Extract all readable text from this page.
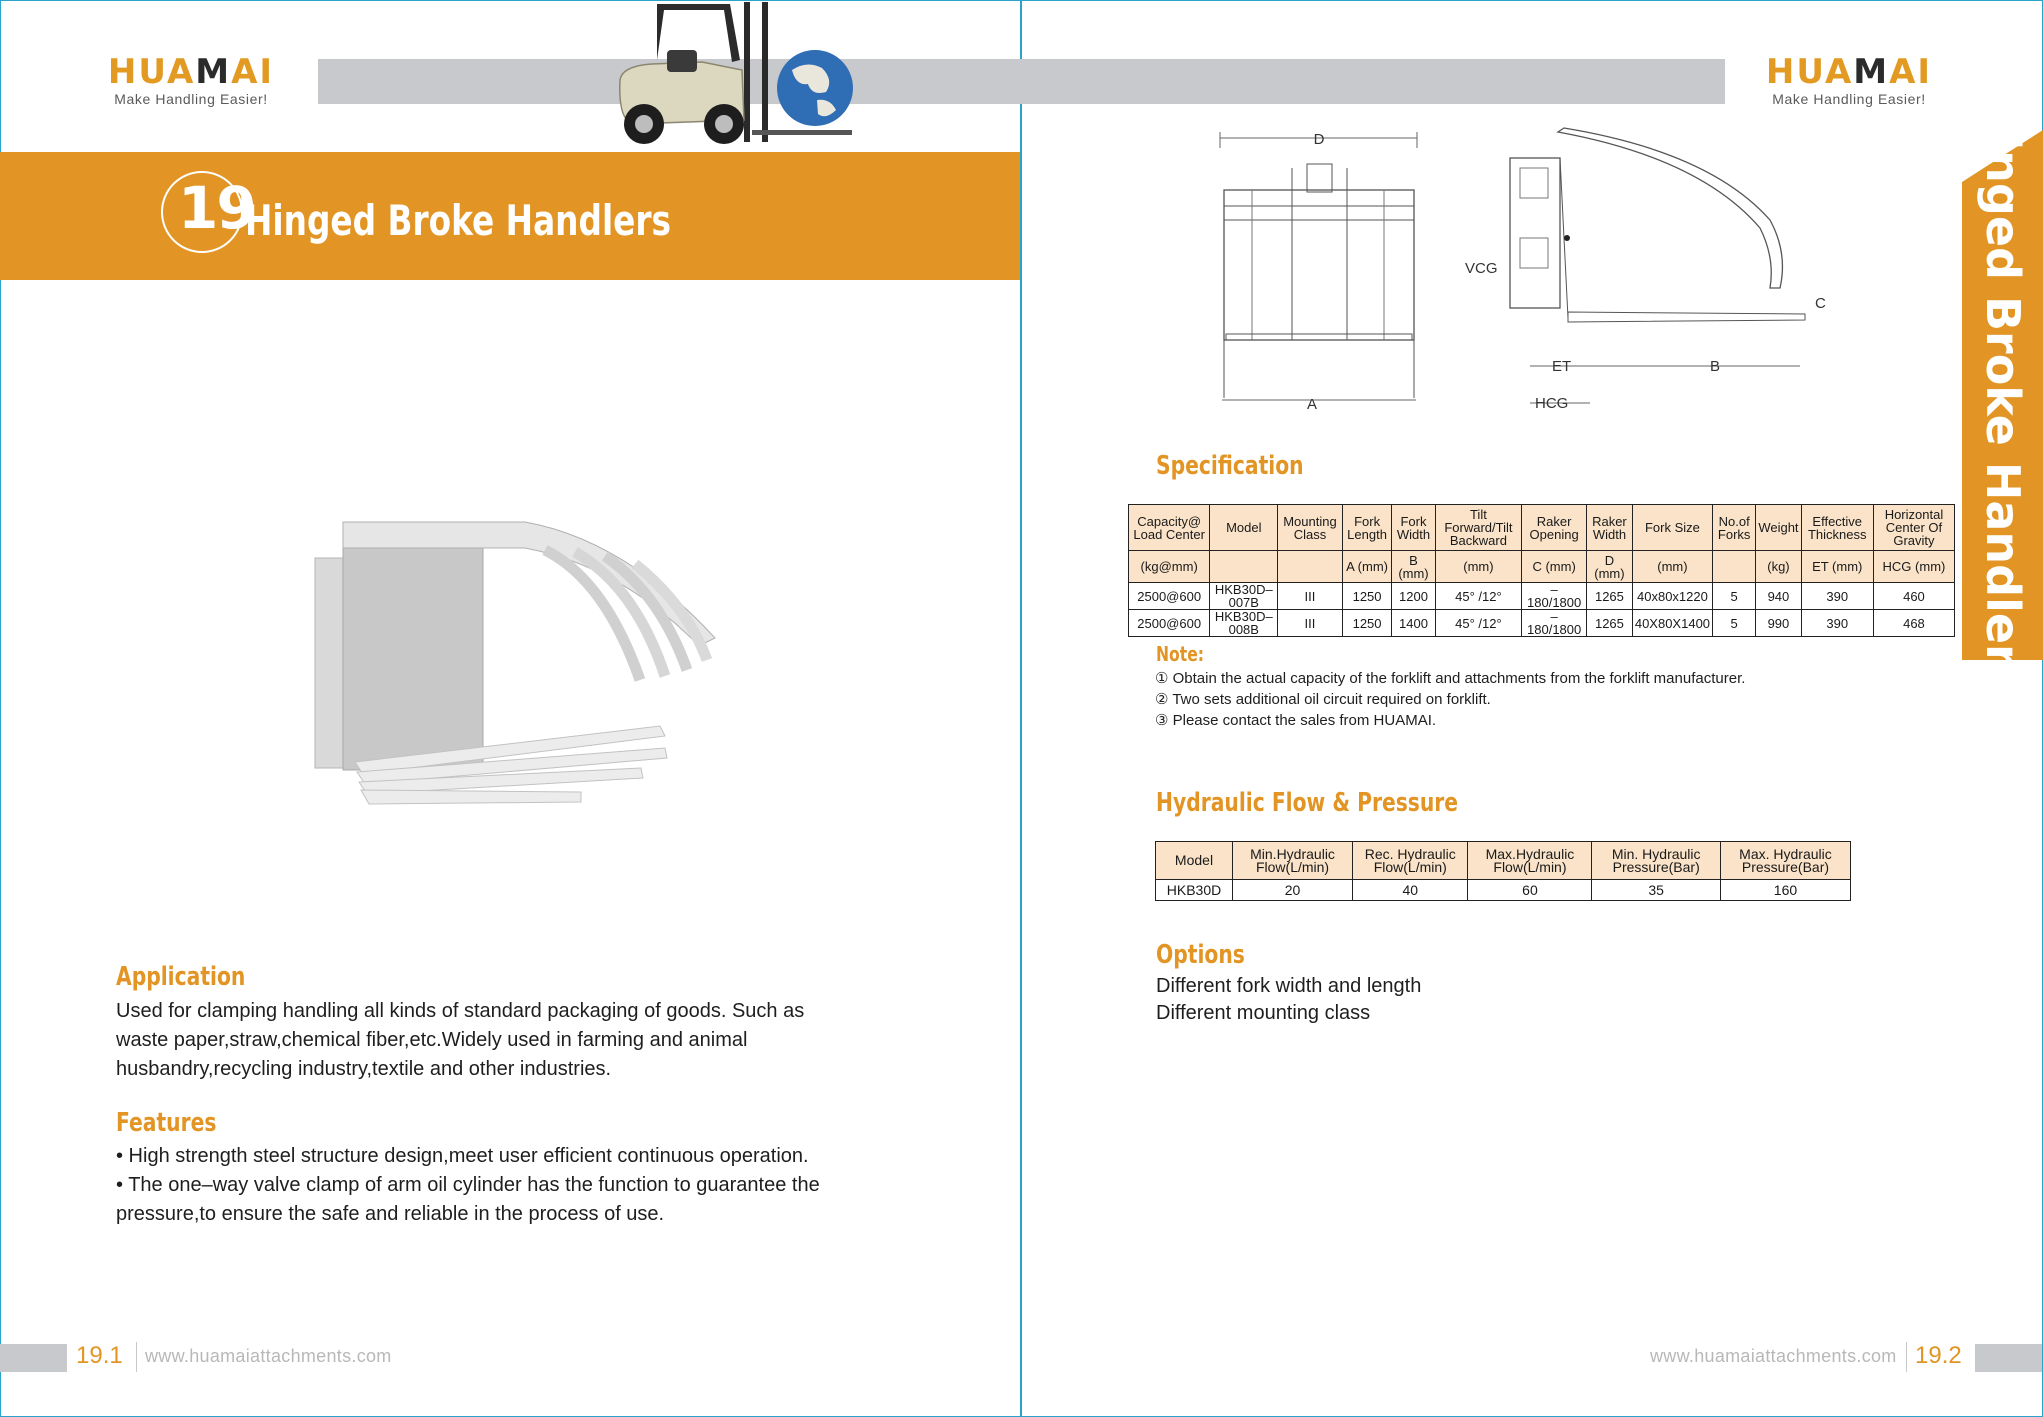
HUAMAI
Make Handling Easier!
HUAMAI
Make Handling Easier!
19
Hinged Broke Handlers
Application
Used for clamping handling all kinds of standard packaging of goods. Such as
waste paper,straw,chemical fiber,etc.Widely used in farming and animal
husbandry,recycling industry,textile and other industries.
Features
• High strength steel structure design,meet user efficient continuous operation.
• The one–way valve clamp of arm oil cylinder has the function to guarantee the
pressure,to ensure the safe and reliable in the process of use.
19.1 www.huamaiattachments.com
Hinged Broke Handlers
D
A
VCG
C
ET	B
HCG
Specification
Capacity@ Load Center	Model	Mounting Class	Fork Length	Fork Width	Tilt Forward/Tilt Backward	Raker Opening	Raker Width	Fork Size	No.of Forks	Weight	Effective Thickness	Horizontal Center Of Gravity
(kg@mm)			A (mm)	B (mm)	(mm)	C (mm)	D (mm)	(mm)		(kg)	ET (mm)	HCG (mm)
2500@600	HKB30D–007B	III	1250	1200	45° /12°	–180/1800	1265	40x80x1220	5	940	390	460
2500@600	HKB30D–008B	III	1250	1400	45° /12°	–180/1800	1265	40X80X1400	5	990	390	468
Note:
① Obtain the actual capacity of the forklift and attachments from the forklift manufacturer.
② Two sets additional oil circuit required on forklift.
③ Please contact the sales from HUAMAI.
Hydraulic Flow & Pressure
Model	Min.Hydraulic Flow(L/min)	Rec. Hydraulic Flow(L/min)	Max.Hydraulic Flow(L/min)	Min. Hydraulic Pressure(Bar)	Max. Hydraulic Pressure(Bar)
HKB30D	20	40	60	35	160
Options
Different fork width and length
Different mounting class
www.huamaiattachments.com 19.2
